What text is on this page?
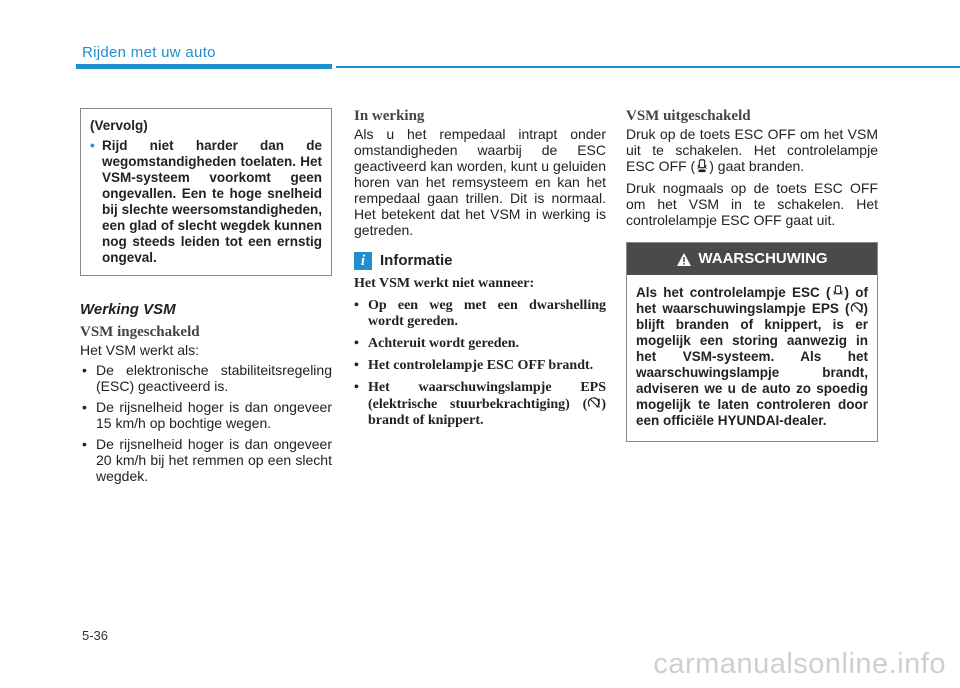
Rijden met uw auto
(Vervolg)
• Rijd niet harder dan de wegomstandigheden toelaten. Het VSM-systeem voorkomt geen ongevallen. Een te hoge snelheid bij slechte weersomstandigheden, een glad of slecht wegdek kunnen nog steeds leiden tot een ernstig ongeval.
Werking VSM
VSM ingeschakeld
Het VSM werkt als:
• De elektronische stabiliteitsregeling (ESC) geactiveerd is.
• De rijsnelheid hoger is dan ongeveer 15 km/h op bochtige wegen.
• De rijsnelheid hoger is dan ongeveer 20 km/h bij het remmen op een slecht wegdek.
In werking
Als u het rempedaal intrapt onder omstandigheden waarbij de ESC geactiveerd kan worden, kunt u geluiden horen van het remsysteem en kan het rempedaal gaan trillen. Dit is normaal. Het betekent dat het VSM in werking is getreden.
i Informatie
Het VSM werkt niet wanneer:
• Op een weg met een dwarshelling wordt gereden.
• Achteruit wordt gereden.
• Het controlelampje ESC OFF brandt.
• Het waarschuwingslampje EPS (elektrische stuurbekrachtiging) ( ) brandt of knippert.
VSM uitgeschakeld
Druk op de toets ESC OFF om het VSM uit te schakelen. Het controlelampje ESC OFF ( ) gaat branden.
Druk nogmaals op de toets ESC OFF om het VSM in te schakelen. Het controlelampje ESC OFF gaat uit.
WAARSCHUWING
Als het controlelampje ESC ( ) of het waarschuwingslampje EPS ( ) blijft branden of knippert, is er mogelijk een storing aanwezig in het VSM-systeem. Als het waarschuwingslampje brandt, adviseren we u de auto zo spoedig mogelijk te laten controleren door een officiële HYUNDAI-dealer.
5-36
carmanualsonline.info
